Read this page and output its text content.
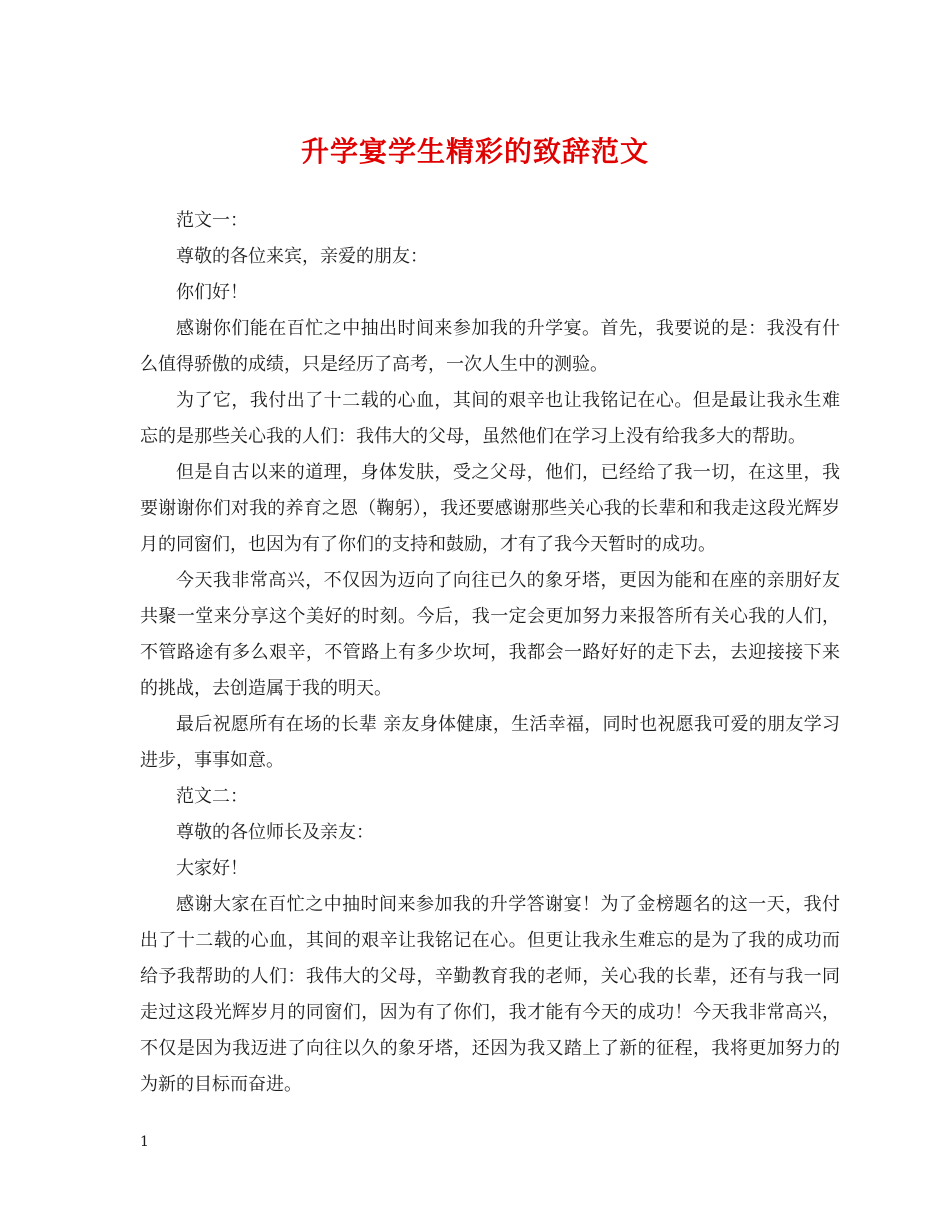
升学宴学生精彩的致辞范文

范文一：

尊敬的各位来宾，亲爱的朋友：

你们好！

感谢你们能在百忙之中抽出时间来参加我的升学宴。首先，我要说的是：我没有什么值得骄傲的成绩，只是经历了高考，一次人生中的测验。

为了它，我付出了十二载的心血，其间的艰辛也让我铭记在心。但是最让我永生难忘的是那些关心我的人们：我伟大的父母，虽然他们在学习上没有给我多大的帮助。

但是自古以来的道理，身体发肤，受之父母，他们，已经给了我一切，在这里，我要谢谢你们对我的养育之恩（鞠躬），我还要感谢那些关心我的长辈和和我走这段光辉岁月的同窗们，也因为有了你们的支持和鼓励，才有了我今天暂时的成功。

今天我非常高兴，不仅因为迈向了向往已久的象牙塔，更因为能和在座的亲朋好友共聚一堂来分享这个美好的时刻。今后，我一定会更加努力来报答所有关心我的人们，不管路途有多么艰辛，不管路上有多少坎坷，我都会一路好好的走下去，去迎接接下来的挑战，去创造属于我的明天。

最后祝愿所有在场的长辈 亲友身体健康，生活幸福，同时也祝愿我可爱的朋友学习进步，事事如意。

范文二：

尊敬的各位师长及亲友：

大家好！

感谢大家在百忙之中抽时间来参加我的升学答谢宴！为了金榜题名的这一天，我付出了十二载的心血，其间的艰辛让我铭记在心。但更让我永生难忘的是为了我的成功而给予我帮助的人们：我伟大的父母，辛勤教育我的老师，关心我的长辈，还有与我一同走过这段光辉岁月的同窗们，因为有了你们，我才能有今天的成功！今天我非常高兴，不仅是因为我迈进了向往以久的象牙塔，还因为我又踏上了新的征程，我将更加努力的为新的目标而奋进。

1
